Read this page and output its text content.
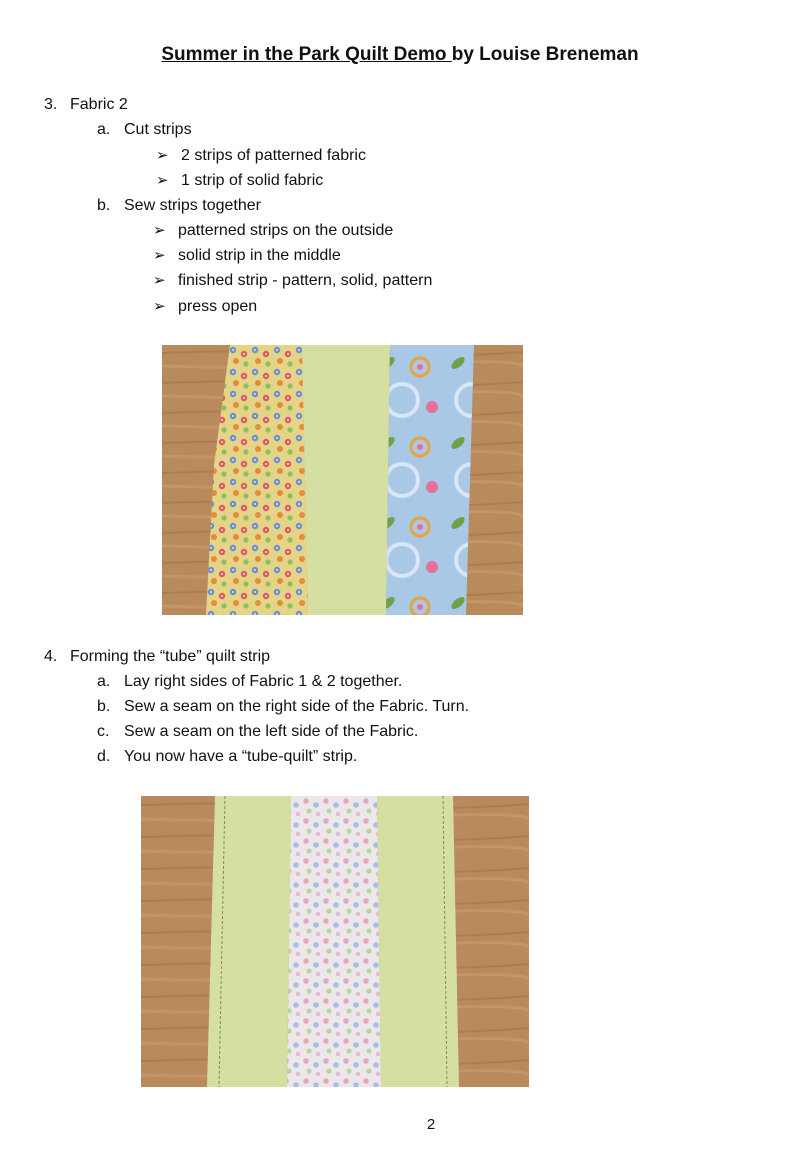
Summer in the Park Quilt Demo by Louise Breneman
3. Fabric 2
a. Cut strips
➢ 2 strips of patterned fabric
➢ 1 strip of solid fabric
b. Sew strips together
➢ patterned strips on the outside
➢ solid strip in the middle
➢ finished strip - pattern, solid, pattern
➢ press open
4. Forming the “tube” quilt strip
a. Lay right sides of Fabric 1 & 2 together.
b. Sew a seam on the right side of the Fabric. Turn.
c. Sew a seam on the left side of the Fabric.
d. You now have a “tube-quilt” strip.
2
